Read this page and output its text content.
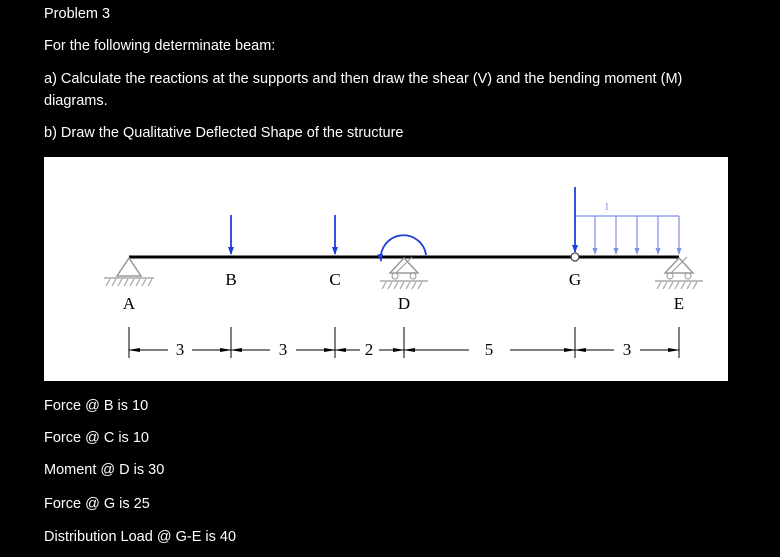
Problem 3
For the following determinate beam:
a) Calculate the reactions at the supports and then draw the shear (V) and the bending moment (M)
diagrams.
b) Draw the Qualitative Deflected Shape of the structure
1
B	C	G
A	D	E
3	3	2	5	3
Force @ B is 10
Force @ C is 10
Moment @ D is 30
Force @ G is 25
Distribution Load @ G-E is 40
